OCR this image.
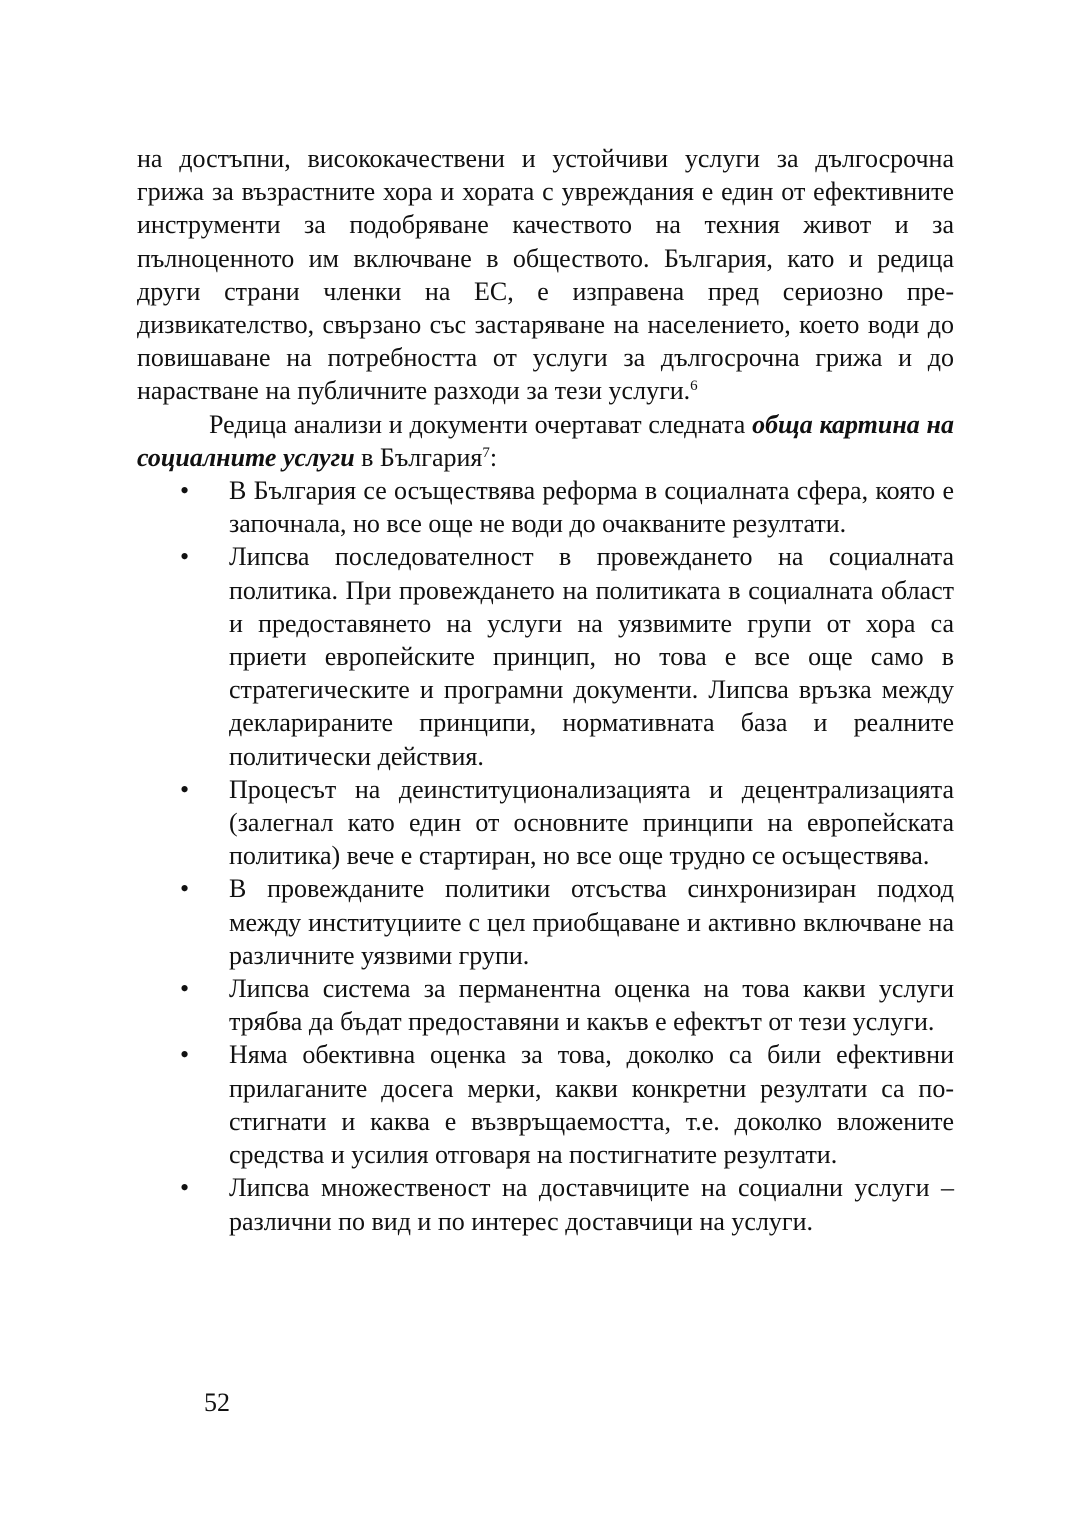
на достъпни, висококачествени и устойчиви услуги за дългосрочна грижа за възрастните хора и хората с увреждания е един от ефективните инструменти за подобряване качеството на техния живот и за пълноценното им включване в обществото. България, като и редица други страни членки на ЕС, е изправена пред сериозно предизвикателство, свързано със застаряване на населението, което води до повишаване на потребността от услуги за дългосрочна грижа и до нарастване на публичните разходи за тези услуги.$^6$

Редица анализи и документи очертават следната обща картина на социалните услуги в България$^7$:

• В България се осъществява реформа в социалната сфера, която е започнала, но все още не води до очакваните резултати.
• Липсва последователност в провеждането на социалната политика. При провеждането на политиката в социалната област и предоставянето на услуги на уязвимите групи от хора са приети европейските принцип, но това е все още само в стратегическите и програмни документи. Липсва връзка между декларираните принципи, нормативната база и реалните политически действия.
• Процесът на деинституционализацията и децентрализацията (залегнал като един от основните принципи на европейската политика) вече е стартиран, но все още трудно се осъществява.
• В провежданите политики отсъства синхронизиран подход между институциите с цел приобщаване и активно включване на различните уязвими групи.
• Липсва система за перманентна оценка на това какви услуги трябва да бъдат предоставяни и какъв е ефектът от тези услуги.
• Няма обективна оценка за това, доколко са били ефективни прилаганите досега мерки, какви конкретни резултати са постигнати и каква е възвръщаемостта, т.е. доколко вложените средства и усилия отговаря на постигнатите резултати.
• Липсва множественост на доставчиците на социални услуги – различни по вид и по интерес доставчици на услуги.
52
